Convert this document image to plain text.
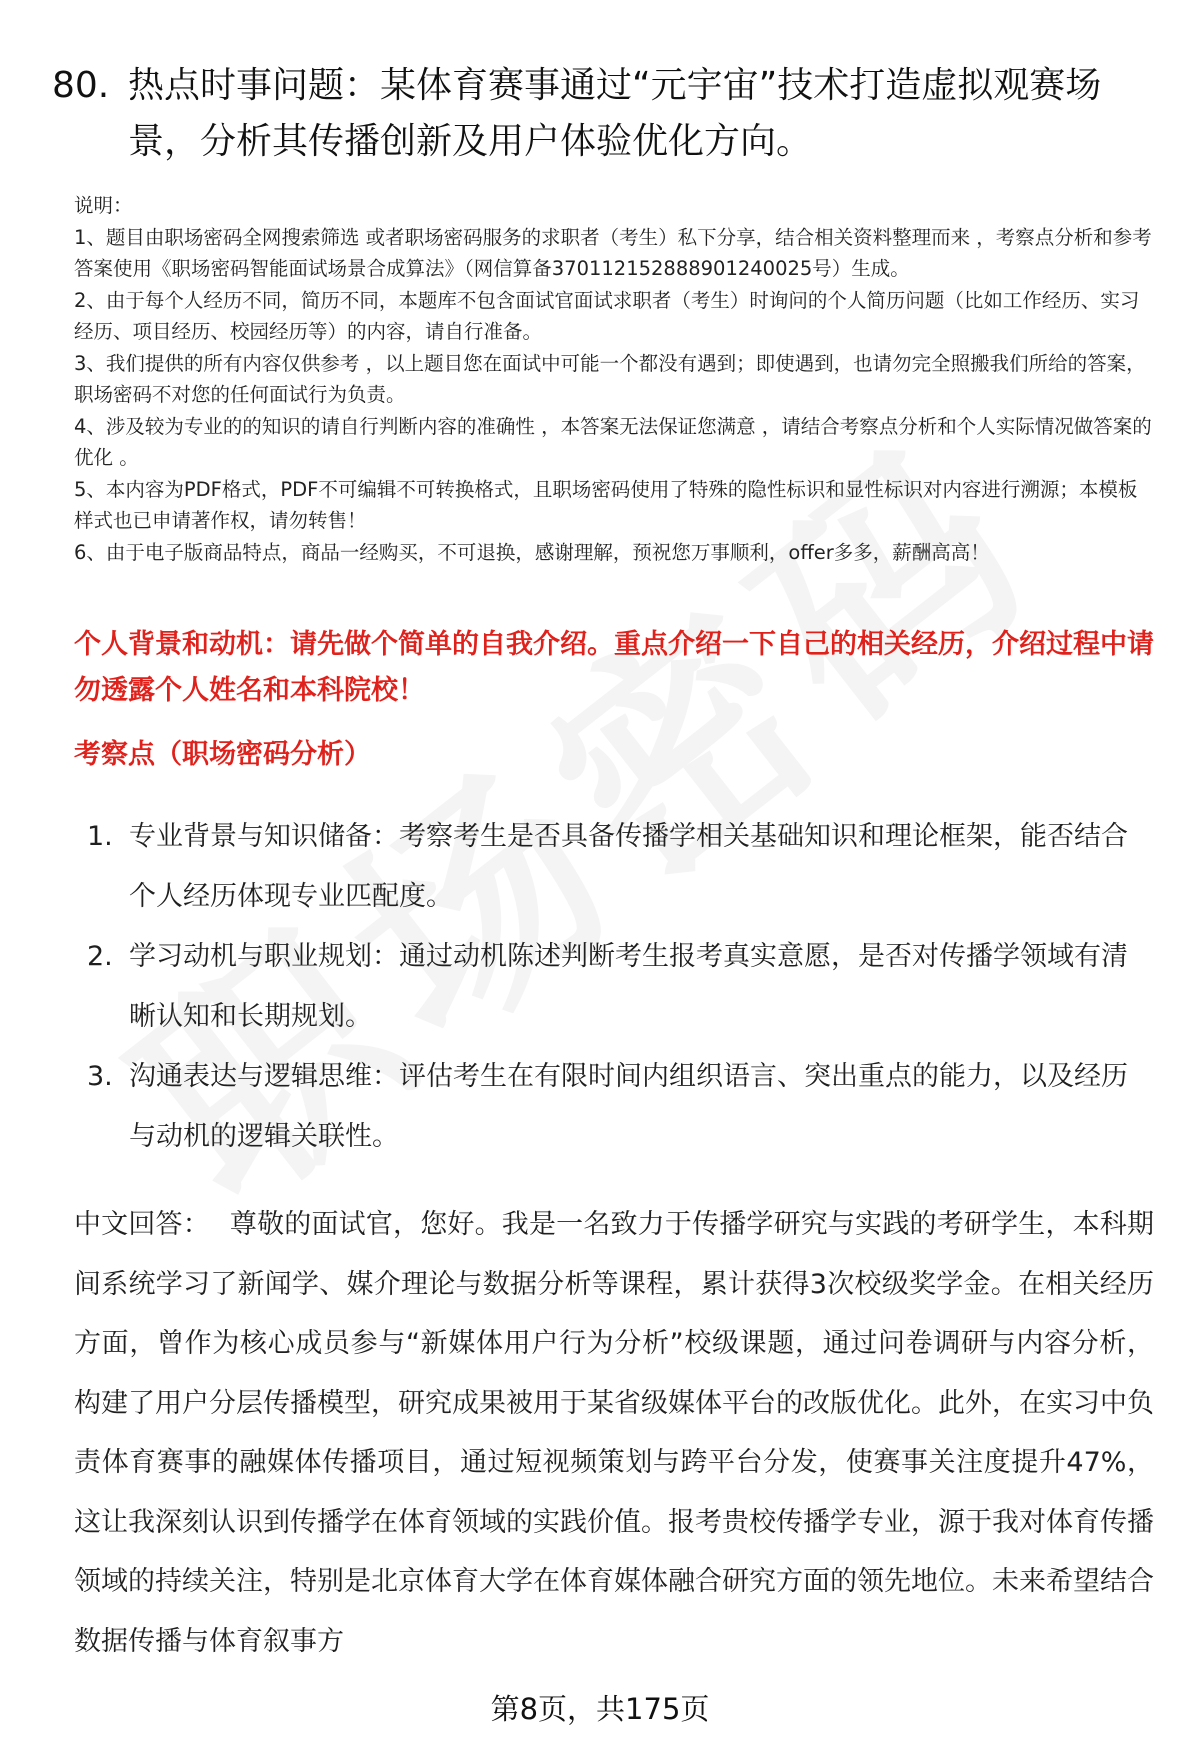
80. 热点时事问题：某体育赛事通过“元宇宙”技术打造虚拟观赛场景，分析其传播创新及用户体验优化方向。

说明：

1、题目由职场密码全网搜索筛选 或者职场密码服务的求职者（考生）私下分享，结合相关资料整理而来 ，考察点分析和参考答案使用《职场密码智能面试场景合成算法》（网信算备370112152888901240025号）生成。

2、由于每个人经历不同，简历不同，本题库不包含面试官面试求职者（考生）时询问的个人简历问题（比如工作经历、实习经历、项目经历、校园经历等）的内容，请自行准备。

3、我们提供的所有内容仅供参考 ，以上题目您在面试中可能一个都没有遇到；即使遇到，也请勿完全照搬我们所给的答案，职场密码不对您的任何面试行为负责。

4、涉及较为专业的的知识的请自行判断内容的准确性 ，本答案无法保证您满意 ，请结合考察点分析和个人实际情况做答案的优化 。

5、本内容为PDF格式，PDF不可编辑不可转换格式，且职场密码使用了特殊的隐性标识和显性标识对内容进行溯源；本模板样式也已申请著作权，请勿转售！

6、由于电子版商品特点，商品一经购买，不可退换，感谢理解，预祝您万事顺利，offer多多，薪酬高高！

个人背景和动机：请先做个简单的自我介绍。重点介绍一下自己的相关经历，介绍过程中请勿透露个人姓名和本科院校！
考察点（职场密码分析）
1. 专业背景与知识储备：考察考生是否具备传播学相关基础知识和理论框架，能否结合个人经历体现专业匹配度。
2. 学习动机与职业规划：通过动机陈述判断考生报考真实意愿，是否对传播学领域有清晰认知和长期规划。
3. 沟通表达与逻辑思维：评估考生在有限时间内组织语言、突出重点的能力，以及经历与动机的逻辑关联性。
中文回答： 尊敬的面试官，您好。我是一名致力于传播学研究与实践的考研学生，本科期间系统学习了新闻学、媒介理论与数据分析等课程，累计获得3次校级奖学金。在相关经历方面，曾作为核心成员参与“新媒体用户行为分析”校级课题，通过问卷调研与内容分析，构建了用户分层传播模型，研究成果被用于某省级媒体平台的改版优化。此外，在实习中负责体育赛事的融媒体传播项目，通过短视频策划与跨平台分发，使赛事关注度提升47%，这让我深刻认识到传播学在体育领域的实践价值。报考贵校传播学专业，源于我对体育传播领域的持续关注，特别是北京体育大学在体育媒体融合研究方面的领先地位。未来希望结合数据传播与体育叙事方
第8页，共175页
